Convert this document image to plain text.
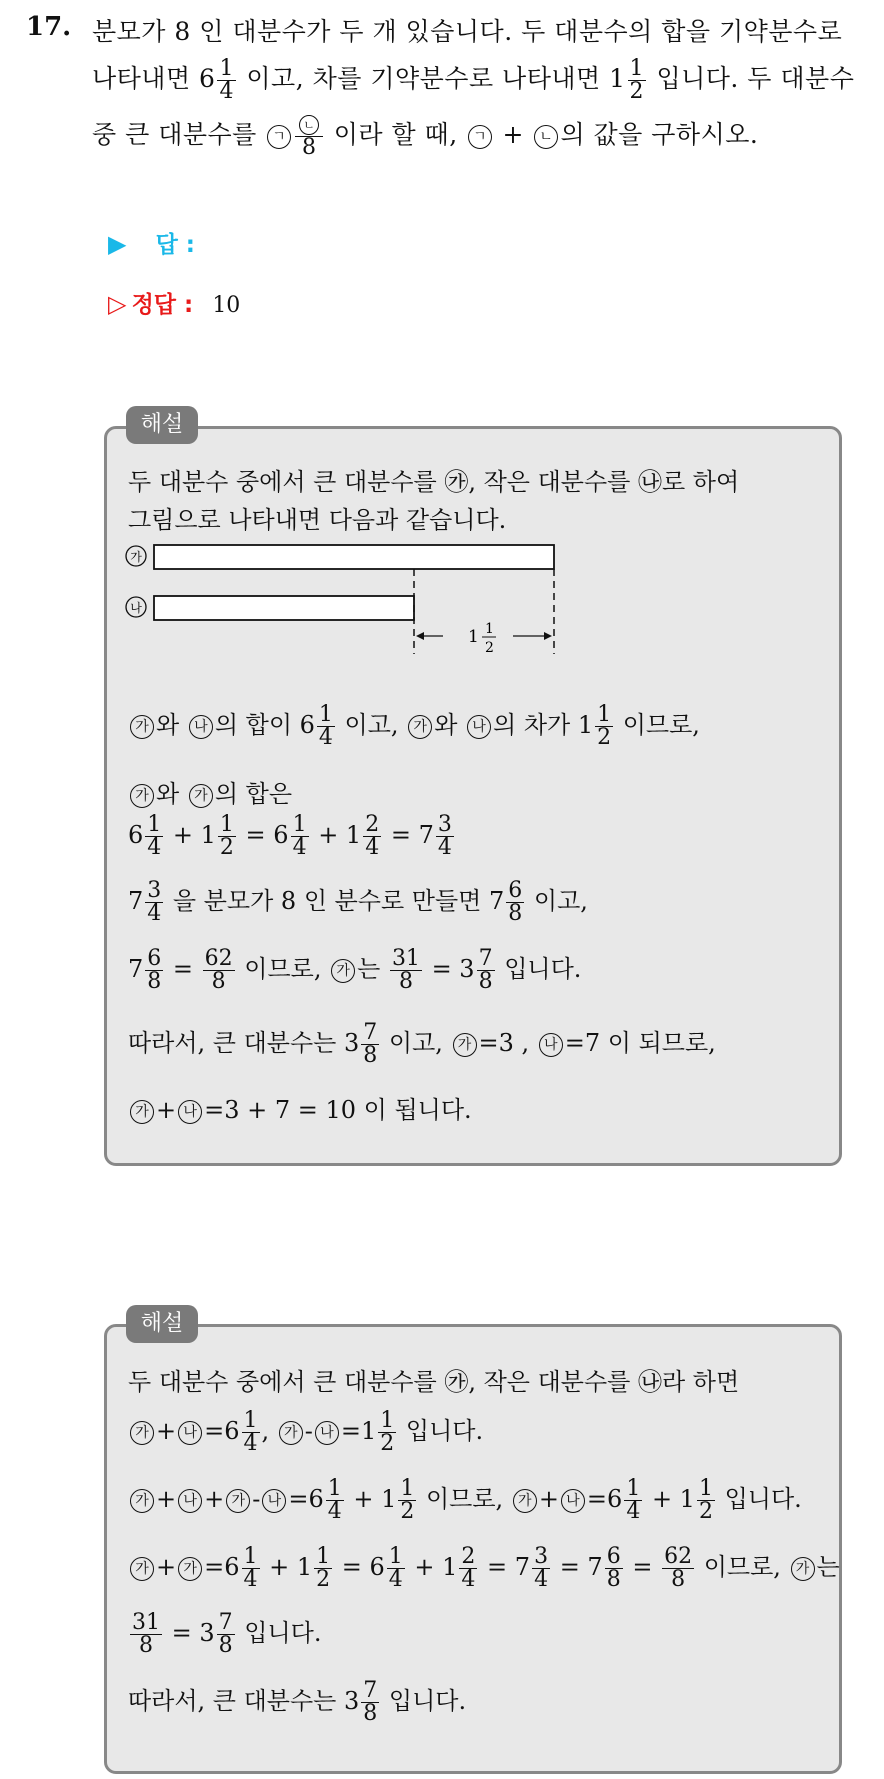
17. 분모가 8 인 대분수가 두 개 있습니다. 두 대분수의 합을 기약분수로
나타내면 $6 \frac{1}{4}$ 이고, 차를 기약분수로 나타내면 $1 \frac{1}{2}$ 입니다. 두 대분수
중 큰 대분수를 ㄱ $\frac{\text{ㄴ}}{8}$ 이라 할 때, ㄱ + ㄴ 의 값을 구하시오.
▶ 답 :
▷ 정답 : 10
해설
두 대분수 중에서 큰 대분수를 ㉮, 작은 대분수를 ㉯로 하여
그림으로 나타내면 다음과 같습니다.
가
나
1 1
2
가 와 나 의 합이 $6 \frac{1}{4}$ 이고, 가 와 나 의 차가 $1 \frac{1}{2}$ 이므로,
가 와 가 의 합은
$6 \frac{1}{4} + 1 \frac{1}{2} = 6 \frac{1}{4} + 1 \frac{2}{4} = 7 \frac{3}{4}$
$7 \frac{3}{4}$ 을 분모가 8 인 분수로 만들면 $7 \frac{6}{8}$ 이고,
$7 \frac{6}{8} = \frac{62}{8}$ 이므로, 가 는 $\frac{31}{8} = 3 \frac{7}{8}$ 입니다.
따라서, 큰 대분수는 $3 \frac{7}{8}$ 이고, 가 =3 , 나 =7 이 되므로,
가 + 나 =3 + 7 = 10 이 됩니다.
해설
두 대분수 중에서 큰 대분수를 ㉮, 작은 대분수를 ㉯라 하면
가 + 나 $=6 \frac{1}{4}$ , 가 - 나 $=1 \frac{1}{2}$ 입니다.
가 + 나 + 가 - 나 $=6 \frac{1}{4} + 1 \frac{1}{2}$ 이므로, 가 + 나 $=6 \frac{1}{4} + 1 \frac{1}{2}$ 입니다.
가 + 가 $=6 \frac{1}{4} + 1 \frac{1}{2} = 6 \frac{1}{4} + 1 \frac{2}{4} = 7 \frac{3}{4} = 7 \frac{6}{8} = \frac{62}{8}$ 이므로, 가 는
$\frac{31}{8} = 3 \frac{7}{8}$ 입니다.
따라서, 큰 대분수는 $3 \frac{7}{8}$ 입니다.
